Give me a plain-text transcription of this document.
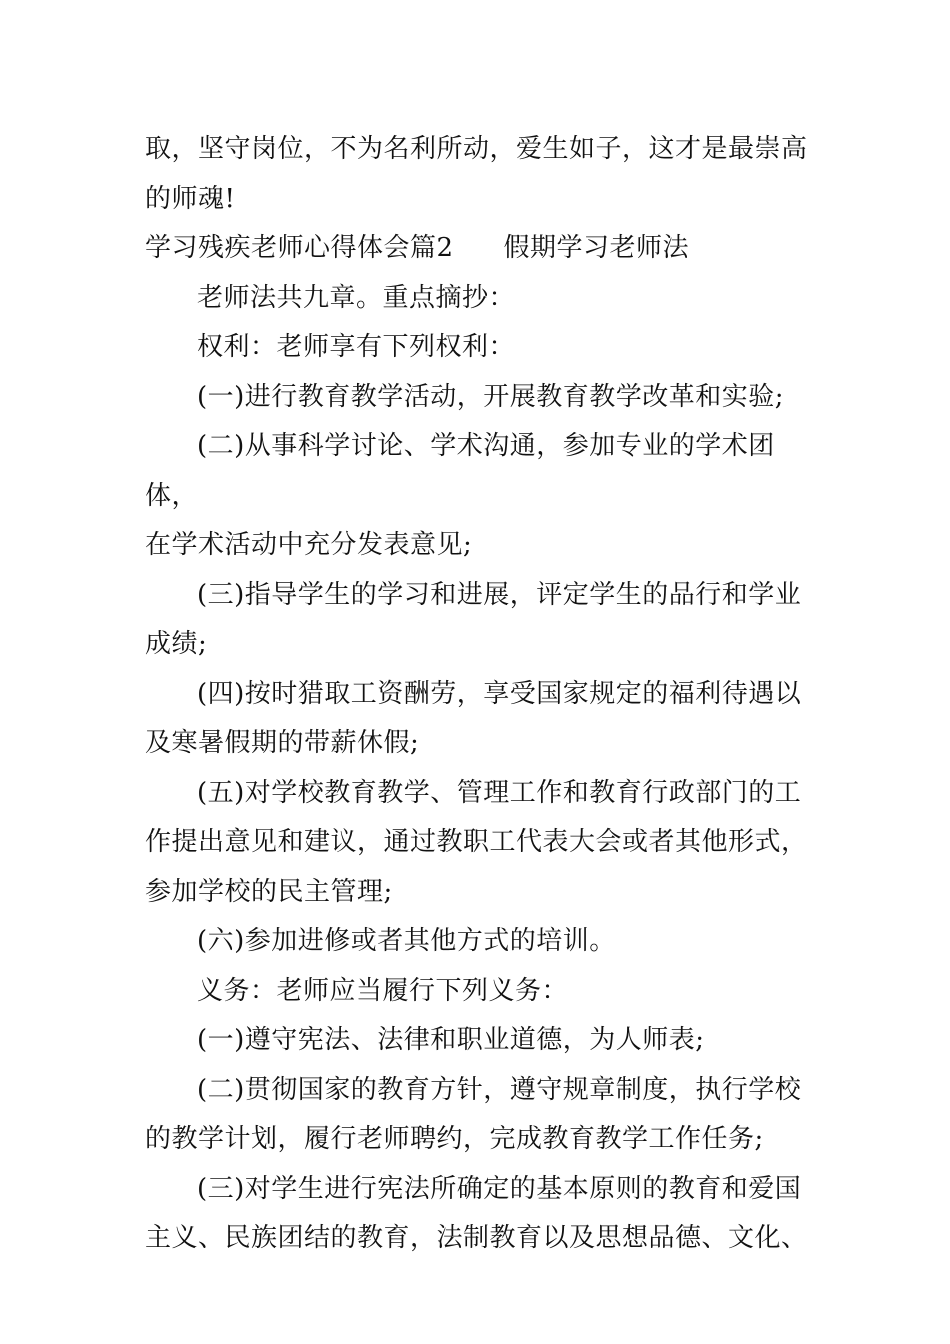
取，坚守岗位，不为名利所动，爱生如子，这才是最崇高

的师魂!

学习残疾老师心得体会篇2 假期学习老师法

老师法共九章。重点摘抄：

权利：老师享有下列权利：

(一)进行教育教学活动，开展教育教学改革和实验;

(二)从事科学讨论、学术沟通，参加专业的学术团体，

在学术活动中充分发表意见;

(三)指导学生的学习和进展，评定学生的品行和学业

成绩;

(四)按时猎取工资酬劳，享受国家规定的福利待遇以

及寒暑假期的带薪休假;

(五)对学校教育教学、管理工作和教育行政部门的工

作提出意见和建议，通过教职工代表大会或者其他形式，

参加学校的民主管理;

(六)参加进修或者其他方式的培训。

义务：老师应当履行下列义务：

(一)遵守宪法、法律和职业道德，为人师表;

(二)贯彻国家的教育方针，遵守规章制度，执行学校

的教学计划，履行老师聘约，完成教育教学工作任务;

(三)对学生进行宪法所确定的基本原则的教育和爱国

主义、民族团结的教育，法制教育以及思想品德、文化、
